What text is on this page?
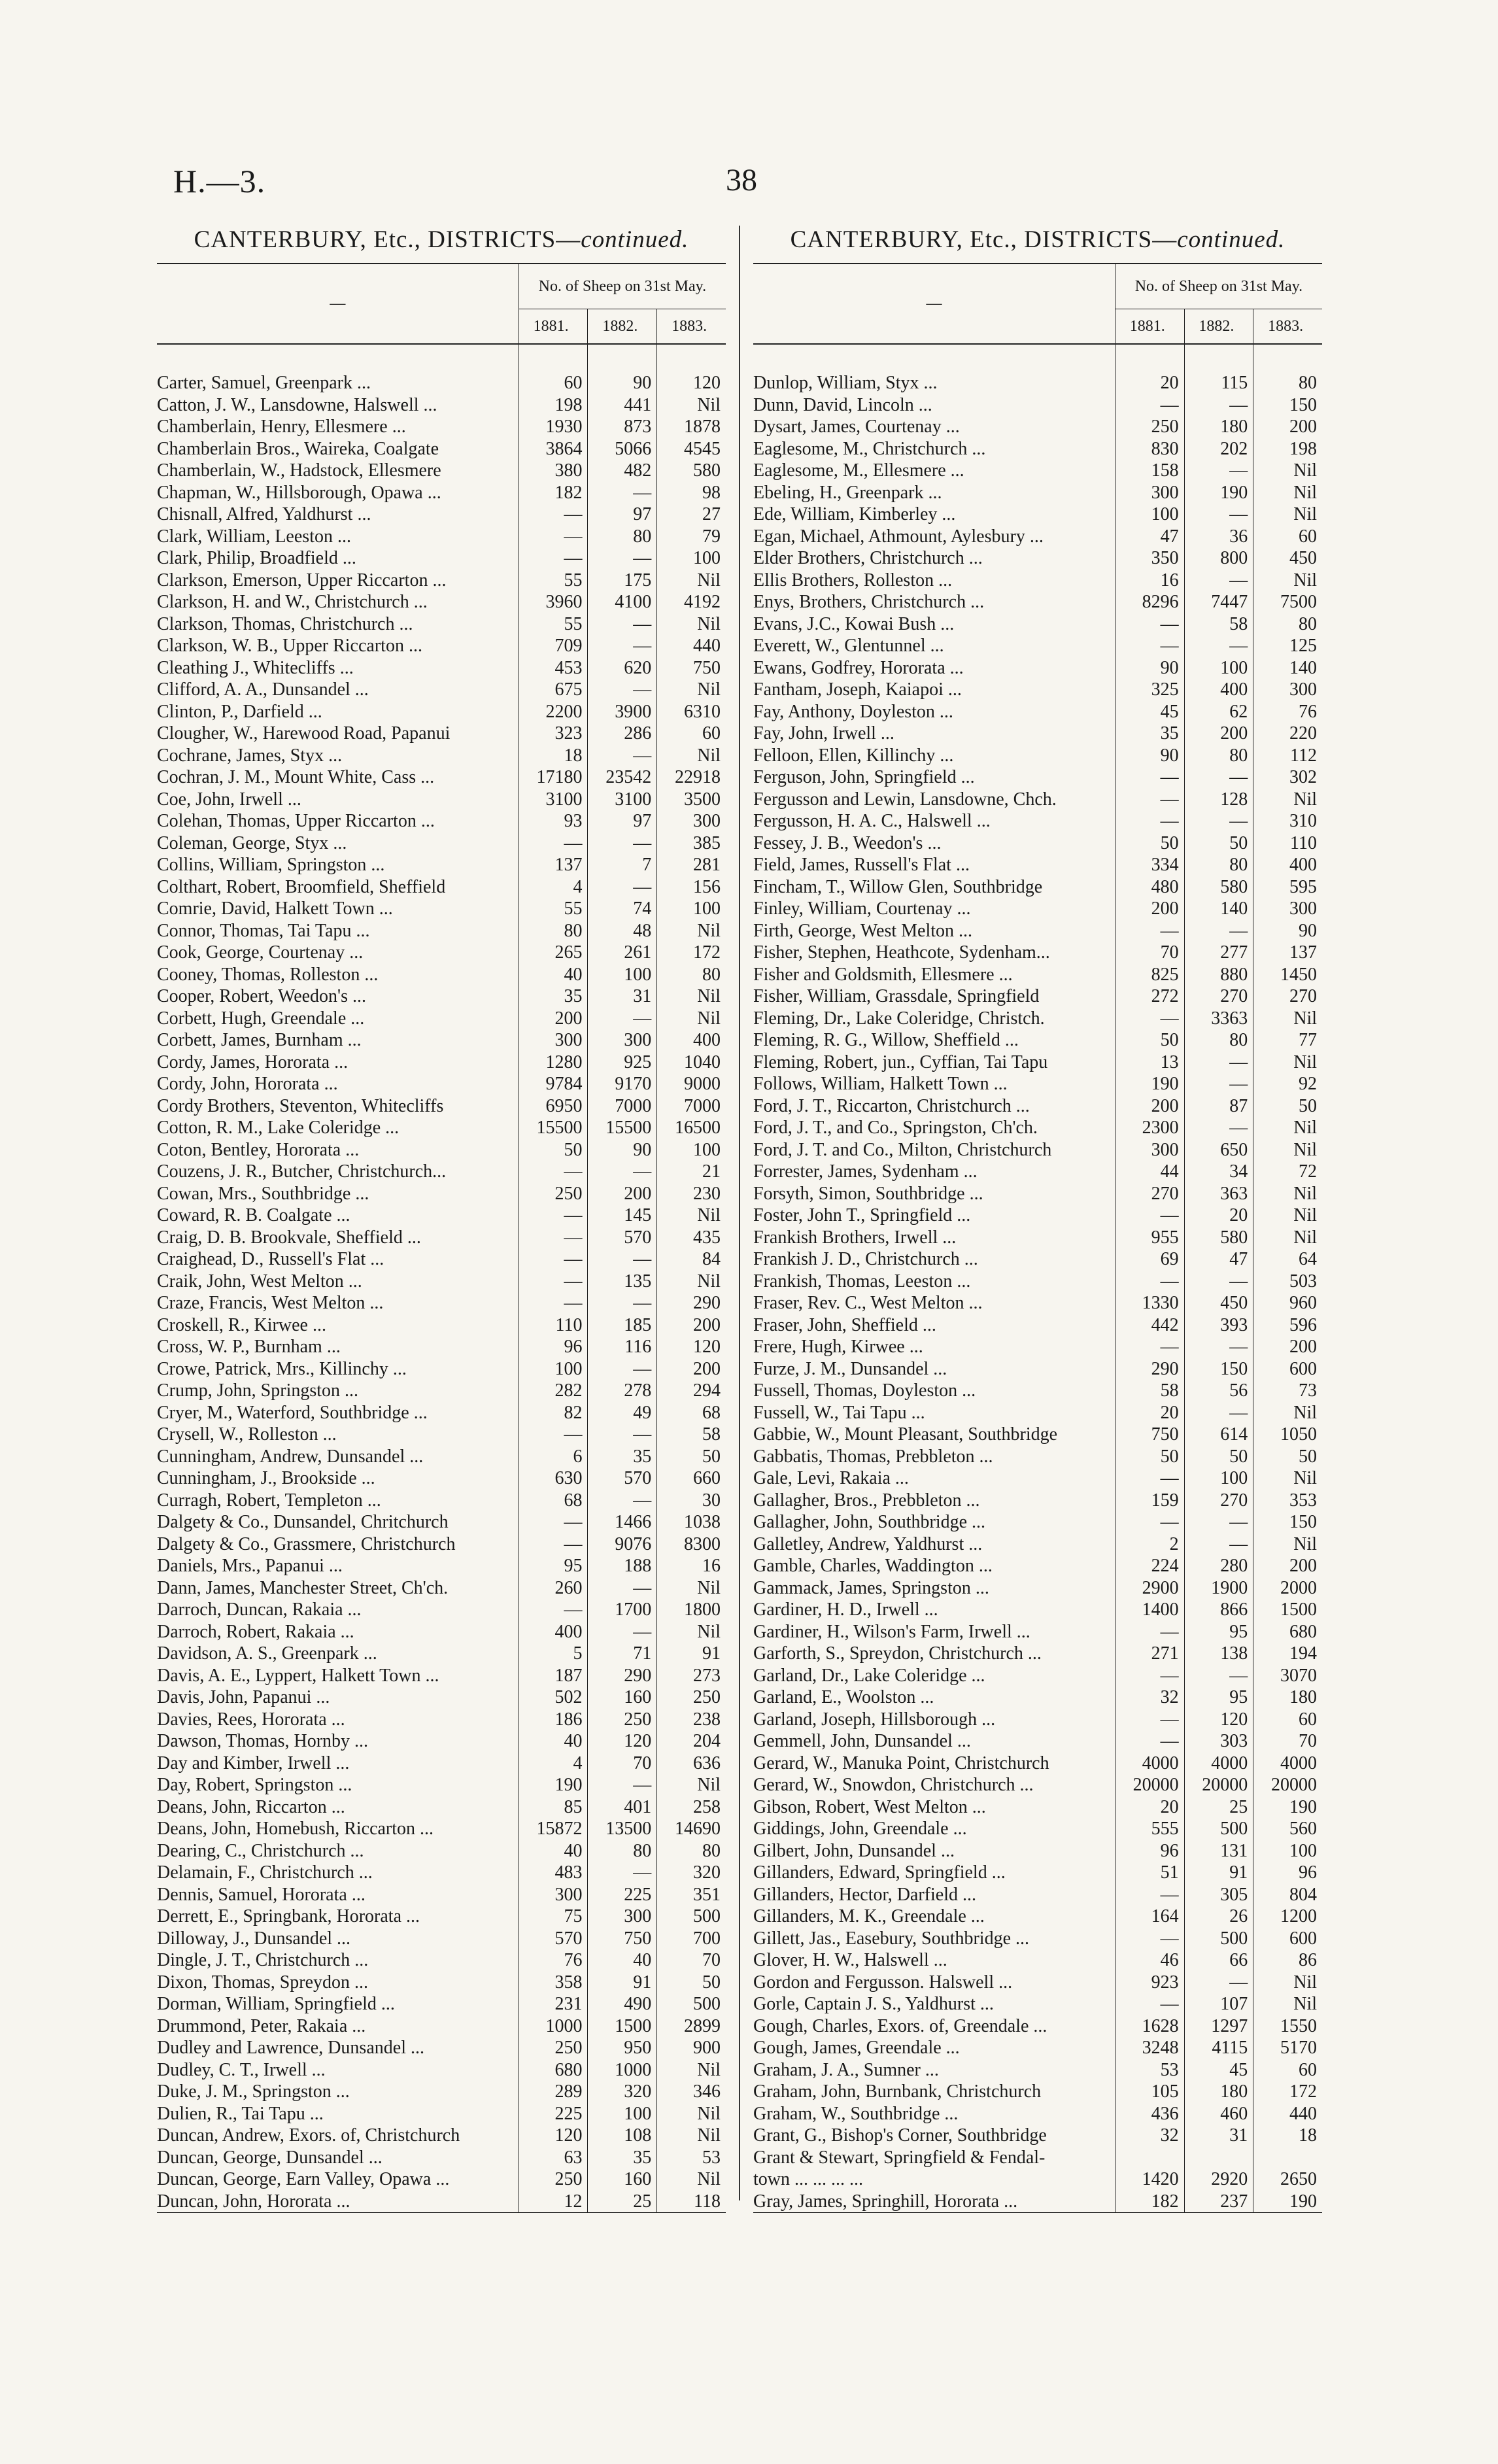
H.—3.	38
CANTERBURY, Etc., DISTRICTS—continued.
—	No. of Sheep on 31st May.		
	1881.	1882.	1883.

Carter, Samuel, Greenpark ...	60	90	120
Catton, J. W., Lansdowne, Halswell ...	198	441	Nil
Chamberlain, Henry, Ellesmere ...	1930	873	1878
Chamberlain Bros., Waireka, Coalgate	3864	5066	4545
Chamberlain, W., Hadstock, Ellesmere	380	482	580
Chapman, W., Hillsborough, Opawa ...	182	—	98
Chisnall, Alfred, Yaldhurst ...	—	97	27
Clark, William, Leeston ...	—	80	79
Clark, Philip, Broadfield ...	—	—	100
Clarkson, Emerson, Upper Riccarton ...	55	175	Nil
Clarkson, H. and W., Christchurch ...	3960	4100	4192
Clarkson, Thomas, Christchurch ...	55	—	Nil
Clarkson, W. B., Upper Riccarton ...	709	—	440
Cleathing J., Whitecliffs ...	453	620	750
Clifford, A. A., Dunsandel ...	675	—	Nil
Clinton, P., Darfield ...	2200	3900	6310
Clougher, W., Harewood Road, Papanui	323	286	60
Cochrane, James, Styx ...	18	—	Nil
Cochran, J. M., Mount White, Cass ...	17180	23542	22918
Coe, John, Irwell ...	3100	3100	3500
Colehan, Thomas, Upper Riccarton ...	93	97	300
Coleman, George, Styx ...	—	—	385
Collins, William, Springston ...	137	7	281
Colthart, Robert, Broomfield, Sheffield	4	—	156
Comrie, David, Halkett Town ...	55	74	100
Connor, Thomas, Tai Tapu ...	80	48	Nil
Cook, George, Courtenay ...	265	261	172
Cooney, Thomas, Rolleston ...	40	100	80
Cooper, Robert, Weedon's ...	35	31	Nil
Corbett, Hugh, Greendale ...	200	—	Nil
Corbett, James, Burnham ...	300	300	400
Cordy, James, Hororata ...	1280	925	1040
Cordy, John, Hororata ...	9784	9170	9000
Cordy Brothers, Steventon, Whitecliffs	6950	7000	7000
Cotton, R. M., Lake Coleridge ...	15500	15500	16500
Coton, Bentley, Hororata ...	50	90	100
Couzens, J. R., Butcher, Christchurch...	—	—	21
Cowan, Mrs., Southbridge ...	250	200	230
Coward, R. B. Coalgate ...	—	145	Nil
Craig, D. B. Brookvale, Sheffield ...	—	570	435
Craighead, D., Russell's Flat ...	—	—	84
Craik, John, West Melton ...	—	135	Nil
Craze, Francis, West Melton ...	—	—	290
Croskell, R., Kirwee ...	110	185	200
Cross, W. P., Burnham ...	96	116	120
Crowe, Patrick, Mrs., Killinchy ...	100	—	200
Crump, John, Springston ...	282	278	294
Cryer, M., Waterford, Southbridge ...	82	49	68
Crysell, W., Rolleston ...	—	—	58
Cunningham, Andrew, Dunsandel ...	6	35	50
Cunningham, J., Brookside ...	630	570	660
Curragh, Robert, Templeton ...	68	—	30
Dalgety & Co., Dunsandel, Chritchurch	—	1466	1038
Dalgety & Co., Grassmere, Christchurch	—	9076	8300
Daniels, Mrs., Papanui ...	95	188	16
Dann, James, Manchester Street, Ch'ch.	260	—	Nil
Darroch, Duncan, Rakaia ...	—	1700	1800
Darroch, Robert, Rakaia ...	400	—	Nil
Davidson, A. S., Greenpark ...	5	71	91
Davis, A. E., Lyppert, Halkett Town ...	187	290	273
Davis, John, Papanui ...	502	160	250
Davies, Rees, Hororata ...	186	250	238
Dawson, Thomas, Hornby ...	40	120	204
Day and Kimber, Irwell ...	4	70	636
Day, Robert, Springston ...	190	—	Nil
Deans, John, Riccarton ...	85	401	258
Deans, John, Homebush, Riccarton ...	15872	13500	14690
Dearing, C., Christchurch ...	40	80	80
Delamain, F., Christchurch ...	483	—	320
Dennis, Samuel, Hororata ...	300	225	351
Derrett, E., Springbank, Hororata ...	75	300	500
Dilloway, J., Dunsandel ...	570	750	700
Dingle, J. T., Christchurch ...	76	40	70
Dixon, Thomas, Spreydon ...	358	91	50
Dorman, William, Springfield ...	231	490	500
Drummond, Peter, Rakaia ...	1000	1500	2899
Dudley and Lawrence, Dunsandel ...	250	950	900
Dudley, C. T., Irwell ...	680	1000	Nil
Duke, J. M., Springston ...	289	320	346
Dulien, R., Tai Tapu ...	225	100	Nil
Duncan, Andrew, Exors. of, Christchurch	120	108	Nil
Duncan, George, Dunsandel ...	63	35	53
Duncan, George, Earn Valley, Opawa ...	250	160	Nil
Duncan, John, Hororata ...	12	25	118
CANTERBURY, Etc., DISTRICTS—continued.
—	No. of Sheep on 31st May.		
	1881.	1882.	1883.

Dunlop, William, Styx ...	20	115	80
Dunn, David, Lincoln ...	—	—	150
Dysart, James, Courtenay ...	250	180	200
Eaglesome, M., Christchurch ...	830	202	198
Eaglesome, M., Ellesmere ...	158	—	Nil
Ebeling, H., Greenpark ...	300	190	Nil
Ede, William, Kimberley ...	100	—	Nil
Egan, Michael, Athmount, Aylesbury ...	47	36	60
Elder Brothers, Christchurch ...	350	800	450
Ellis Brothers, Rolleston ...	16	—	Nil
Enys, Brothers, Christchurch ...	8296	7447	7500
Evans, J.C., Kowai Bush ...	—	58	80
Everett, W., Glentunnel ...	—	—	125
Ewans, Godfrey, Hororata ...	90	100	140
Fantham, Joseph, Kaiapoi ...	325	400	300
Fay, Anthony, Doyleston ...	45	62	76
Fay, John, Irwell ...	35	200	220
Felloon, Ellen, Killinchy ...	90	80	112
Ferguson, John, Springfield ...	—	—	302
Fergusson and Lewin, Lansdowne, Chch.	—	128	Nil
Fergusson, H. A. C., Halswell ...	—	—	310
Fessey, J. B., Weedon's ...	50	50	110
Field, James, Russell's Flat ...	334	80	400
Fincham, T., Willow Glen, Southbridge	480	580	595
Finley, William, Courtenay ...	200	140	300
Firth, George, West Melton ...	—	—	90
Fisher, Stephen, Heathcote, Sydenham...	70	277	137
Fisher and Goldsmith, Ellesmere ...	825	880	1450
Fisher, William, Grassdale, Springfield	272	270	270
Fleming, Dr., Lake Coleridge, Christch.	—	3363	Nil
Fleming, R. G., Willow, Sheffield ...	50	80	77
Fleming, Robert, jun., Cyffian, Tai Tapu	13	—	Nil
Follows, William, Halkett Town ...	190	—	92
Ford, J. T., Riccarton, Christchurch ...	200	87	50
Ford, J. T., and Co., Springston, Ch'ch.	2300	—	Nil
Ford, J. T. and Co., Milton, Christchurch	300	650	Nil
Forrester, James, Sydenham ...	44	34	72
Forsyth, Simon, Southbridge ...	270	363	Nil
Foster, John T., Springfield ...	—	20	Nil
Frankish Brothers, Irwell ...	955	580	Nil
Frankish J. D., Christchurch ...	69	47	64
Frankish, Thomas, Leeston ...	—	—	503
Fraser, Rev. C., West Melton ...	1330	450	960
Fraser, John, Sheffield ...	442	393	596
Frere, Hugh, Kirwee ...	—	—	200
Furze, J. M., Dunsandel ...	290	150	600
Fussell, Thomas, Doyleston ...	58	56	73
Fussell, W., Tai Tapu ...	20	—	Nil
Gabbie, W., Mount Pleasant, Southbridge	750	614	1050
Gabbatis, Thomas, Prebbleton ...	50	50	50
Gale, Levi, Rakaia ...	—	100	Nil
Gallagher, Bros., Prebbleton ...	159	270	353
Gallagher, John, Southbridge ...	—	—	150
Galletley, Andrew, Yaldhurst ...	2	—	Nil
Gamble, Charles, Waddington ...	224	280	200
Gammack, James, Springston ...	2900	1900	2000
Gardiner, H. D., Irwell ...	1400	866	1500
Gardiner, H., Wilson's Farm, Irwell ...	—	95	680
Garforth, S., Spreydon, Christchurch ...	271	138	194
Garland, Dr., Lake Coleridge ...	—	—	3070
Garland, E., Woolston ...	32	95	180
Garland, Joseph, Hillsborough ...	—	120	60
Gemmell, John, Dunsandel ...	—	303	70
Gerard, W., Manuka Point, Christchurch	4000	4000	4000
Gerard, W., Snowdon, Christchurch ...	20000	20000	20000
Gibson, Robert, West Melton ...	20	25	190
Giddings, John, Greendale ...	555	500	560
Gilbert, John, Dunsandel ...	96	131	100
Gillanders, Edward, Springfield ...	51	91	96
Gillanders, Hector, Darfield ...	—	305	804
Gillanders, M. K., Greendale ...	164	26	1200
Gillett, Jas., Easebury, Southbridge ...	—	500	600
Glover, H. W., Halswell ...	46	66	86
Gordon and Fergusson. Halswell ...	923	—	Nil
Gorle, Captain J. S., Yaldhurst ...	—	107	Nil
Gough, Charles, Exors. of, Greendale ...	1628	1297	1550
Gough, James, Greendale ...	3248	4115	5170
Graham, J. A., Sumner ...	53	45	60
Graham, John, Burnbank, Christchurch	105	180	172
Graham, W., Southbridge ...	436	460	440
Grant, G., Bishop's Corner, Southbridge	32	31	18
Grant & Stewart, Springfield & Fendal-			
town ... ... ... ...	1420	2920	2650
Gray, James, Springhill, Hororata ...	182	237	190
